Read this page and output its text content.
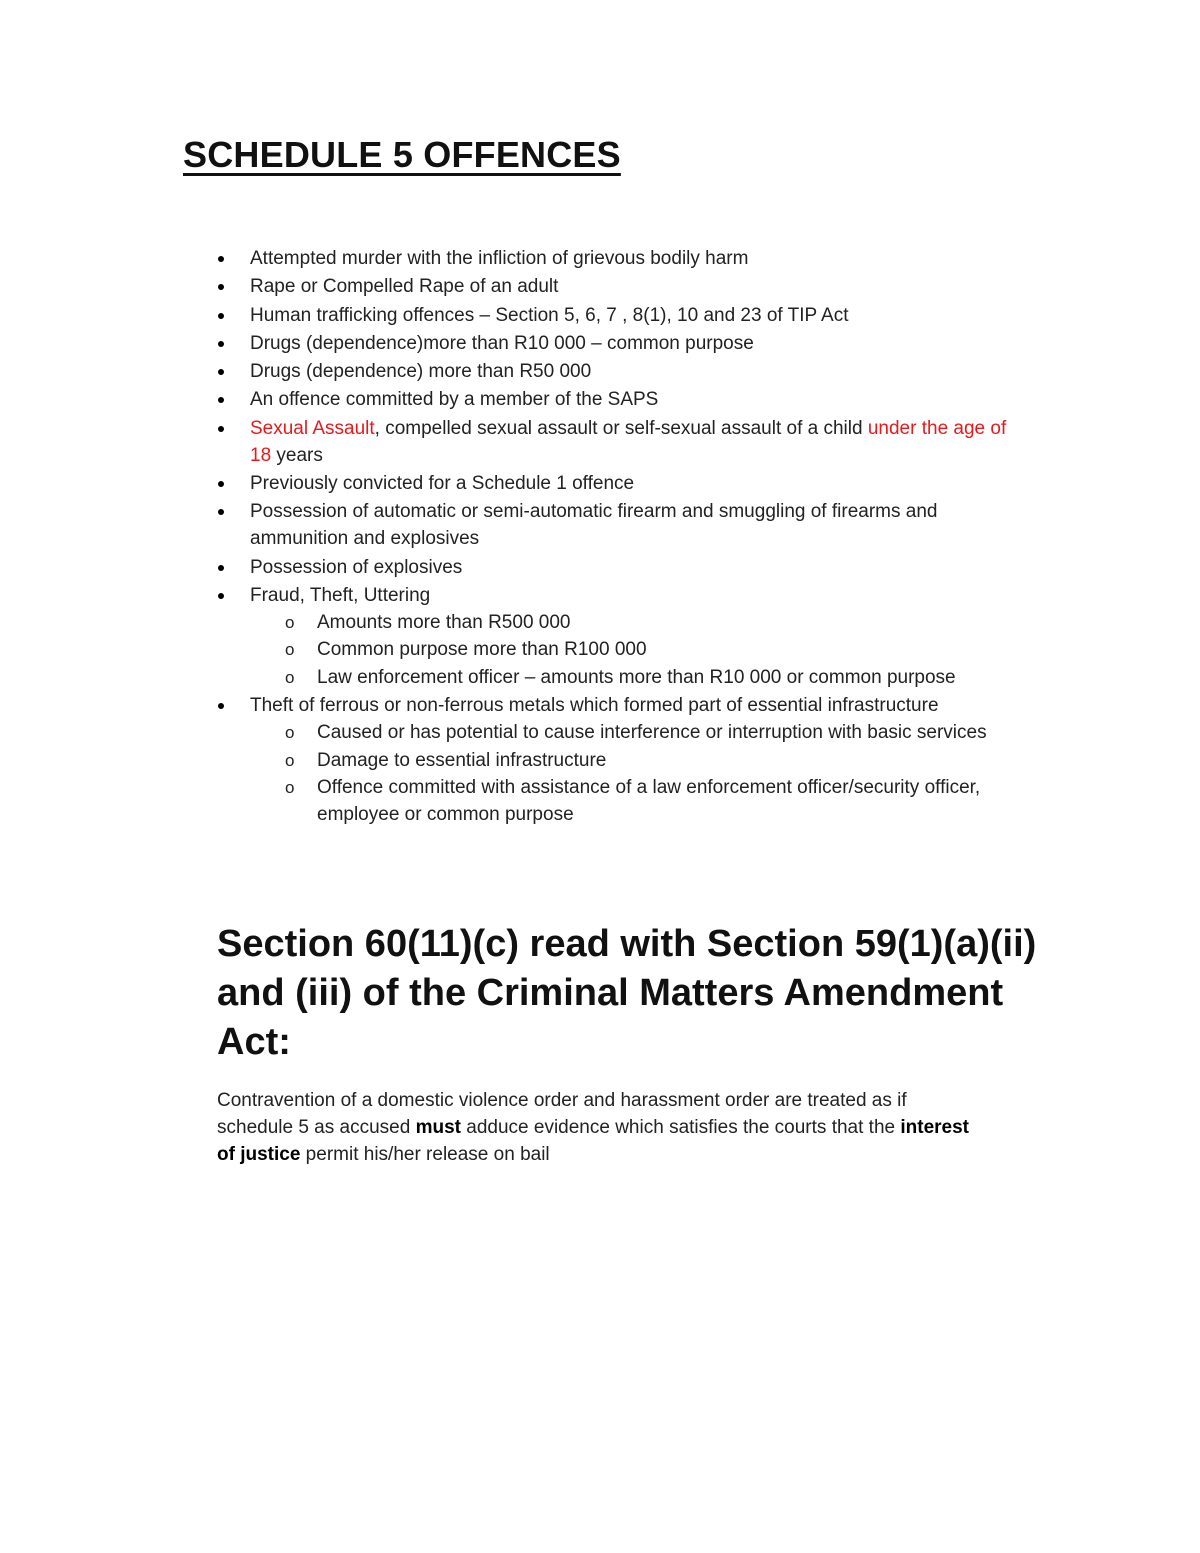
SCHEDULE 5 OFFENCES
Attempted murder with the infliction of grievous bodily harm
Rape or Compelled Rape of an adult
Human trafficking offences – Section 5, 6, 7 , 8(1), 10 and 23 of TIP Act
Drugs (dependence)more than R10 000 – common purpose
Drugs (dependence) more than R50 000
An offence committed by a member of the SAPS
Sexual Assault, compelled sexual assault or self-sexual assault of a child under the age of 18 years
Previously convicted for a Schedule 1 offence
Possession of automatic or semi-automatic firearm and smuggling of firearms and ammunition and explosives
Possession of explosives
Fraud, Theft, Uttering
o Amounts more than R500 000
o Common purpose more than R100 000
o Law enforcement officer – amounts more than R10 000 or common purpose
Theft of ferrous or non-ferrous metals which formed part of essential infrastructure
o Caused or has potential to cause interference or interruption with basic services
o Damage to essential infrastructure
o Offence committed with assistance of a law enforcement officer/security officer, employee or common purpose
Section 60(11)(c) read with Section 59(1)(a)(ii) and (iii) of the Criminal Matters Amendment Act:

Contravention of a domestic violence order and harassment order are treated as if schedule 5 as accused must adduce evidence which satisfies the courts that the interest of justice permit his/her release on bail
